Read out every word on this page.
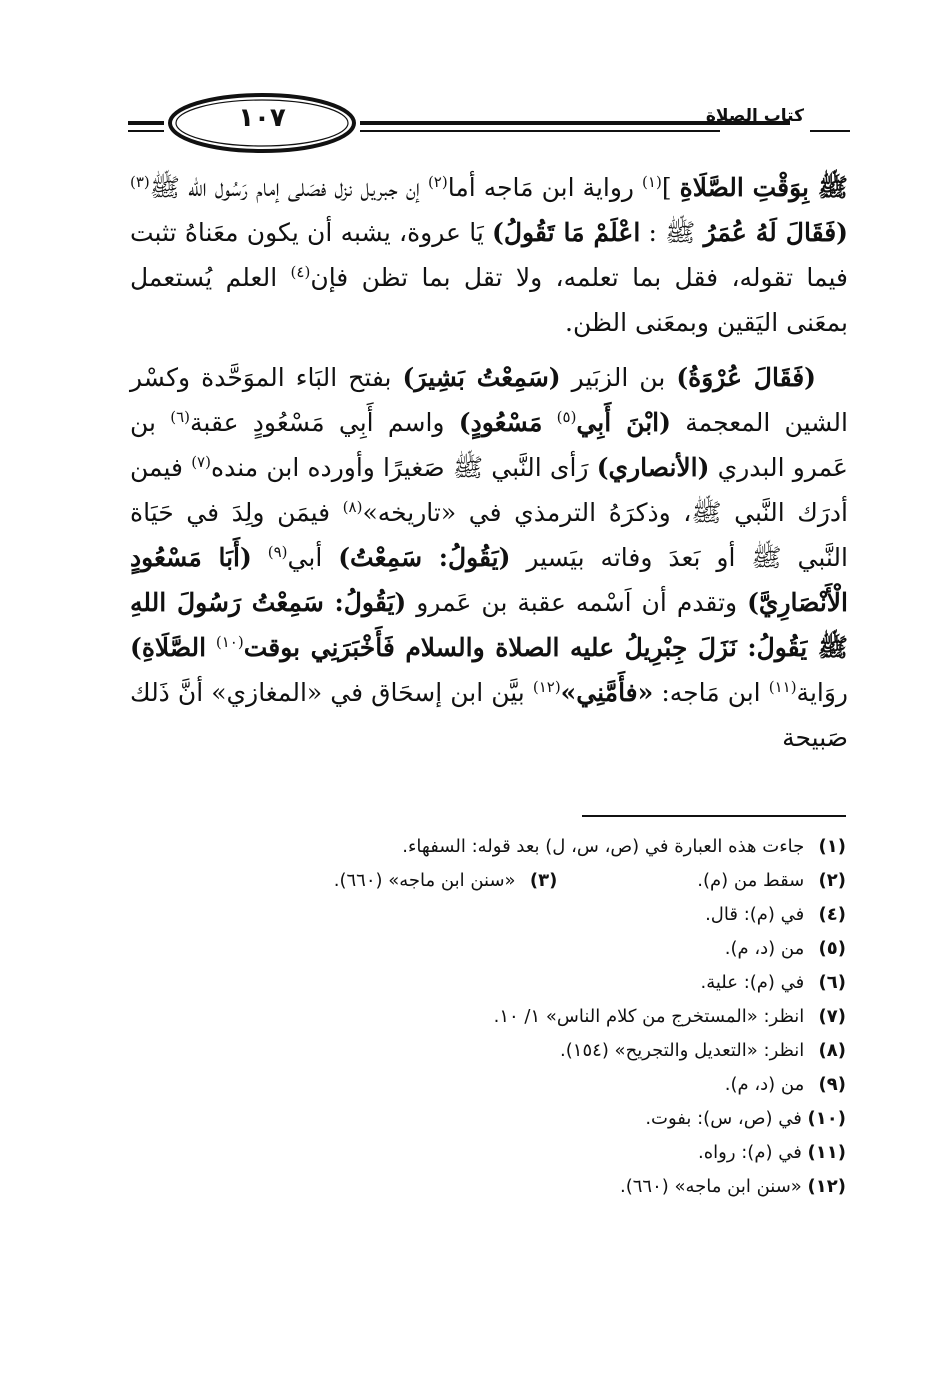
١٠٧	كتاب الصلاة

ﷺ بِوَقْتِ الصَّلَاةِ ]$^{(١)}$ رواية ابن مَاجه أما$^{(٢)}$ إن جبريل نزل فصَلى إمام رَسُول الله ﷺ$^{(٣)}$ (فَقَالَ لَهُ عُمَرُ ﷺ : اعْلَمْ مَا تَقُولُ) يَا عروة، يشبه أن يكون معَناهُ تثبت فيما تقوله، فقل بما تعلمه، ولا تقل بما تظن فإن$^{(٤)}$ العلم يُستعمل بمعَنى اليَقين وبمعَنى الظن.

(فَقَالَ عُرْوَةُ) بن الزبَير (سَمِعْتُ بَشِيرَ) بفتح البَاء الموَحَّدة وكسْر الشين المعجمة (ابْنَ أَبِي$^{(٥)}$ مَسْعُودٍ) واسم أَبِي مَسْعُودٍ عقبة$^{(٦)}$ بن عَمرو البدري (الأنصاري) رَأى النَّبي ﷺ صَغيرًا وأورده ابن منده$^{(٧)}$ فيمن أدرَك النَّبي ﷺ، وذكرَهُ الترمذي في «تاريخه»$^{(٨)}$ فيمَن ولِدَ في حَيَاة النَّبي ﷺ أو بَعدَ وفاته بيَسير (يَقُولُ: سَمِعْتُ) أبي$^{(٩)}$ (أَبَا مَسْعُودٍ الْأَنْصَارِيَّ) وتقدم أن اَسْمه عقبة بن عَمرو (يَقُولُ: سَمِعْتُ رَسُولَ اللهِ ﷺ يَقُولُ: نَزَلَ جِبْرِيلُ عليه الصلاة والسلام فَأَخْبَرَنِي بوقت$^{(١٠)}$ الصَّلَاةِ) روَاية$^{(١١)}$ ابن مَاجه: «فأَمَّنِي»$^{(١٢)}$ بيَّن ابن إسحَاق في «المغازي» أنَّ ذَلك صَبيحة

(١) جاءت هذه العبارة في (ص، س، ل) بعد قوله: السفهاء.
(٢) سقط من (م).(٣) «سنن ابن ماجه» (٦٦٠).
(٤) في (م): قال.
(٥) من (د، م).
(٦) في (م): علية.
(٧) انظر: «المستخرج من كلام الناس» ١/ ١٠.
(٨) انظر: «التعديل والتجريح» (١٥٤).
(٩) من (د، م).
(١٠) في (ص، س): بفوت.
(١١) في (م): رواه.
(١٢) «سنن ابن ماجه» (٦٦٠).
